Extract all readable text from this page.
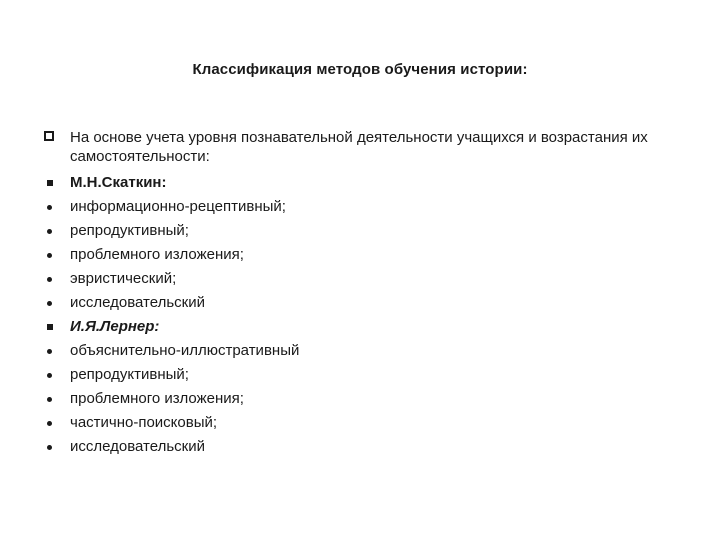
Классификация методов обучения истории:
На основе учета уровня познавательной деятельности учащихся и возрастания их самостоятельности:
М.Н.Скаткин:
информационно-рецептивный;
репродуктивный;
проблемного изложения;
эвристический;
исследовательский
И.Я.Лернер:
объяснительно-иллюстративный
репродуктивный;
проблемного изложения;
частично-поисковый;
исследовательский
